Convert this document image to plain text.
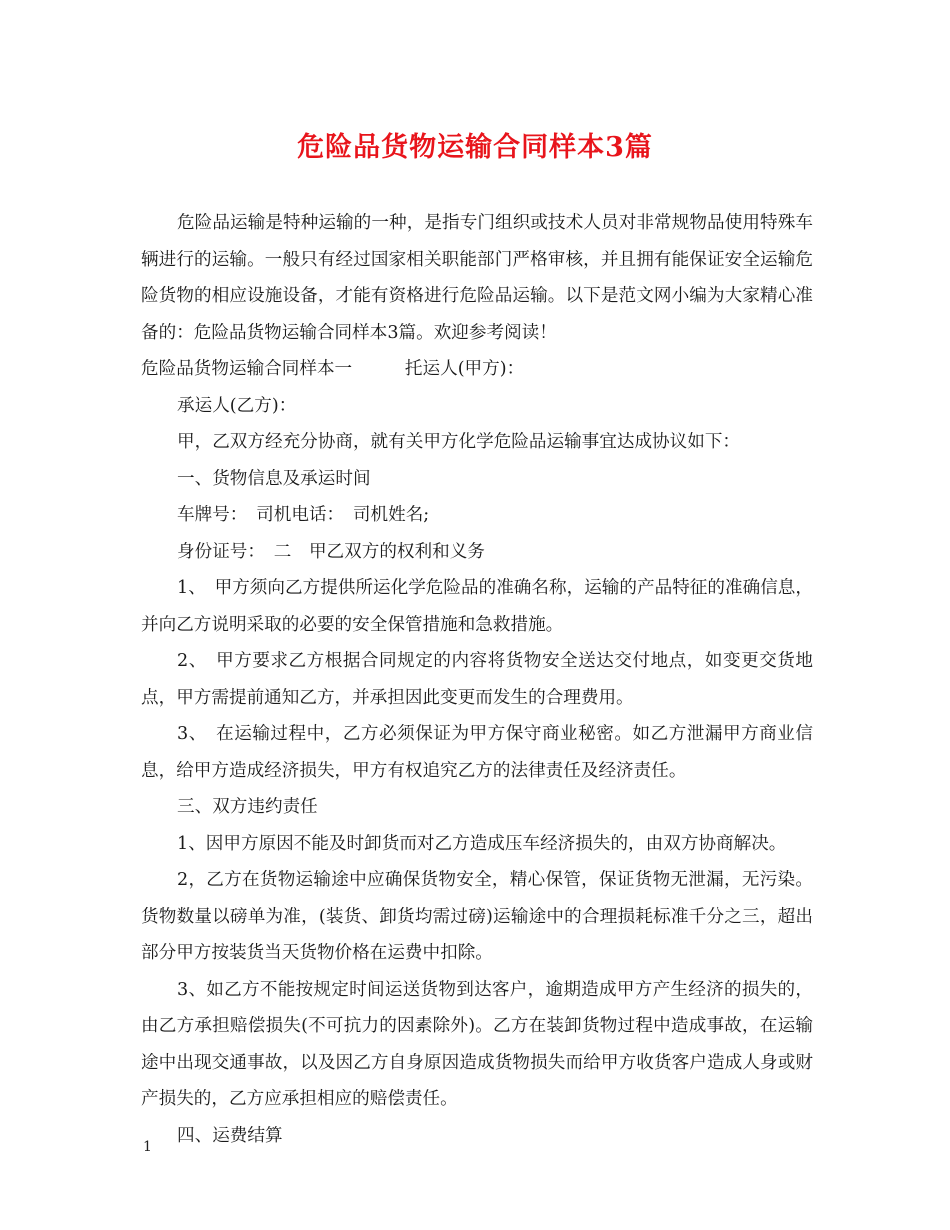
危险品货物运输合同样本3篇

危险品运输是特种运输的一种，是指专门组织或技术人员对非常规物品使用特殊车辆进行的运输。一般只有经过国家相关职能部门严格审核，并且拥有能保证安全运输危险货物的相应设施设备，才能有资格进行危险品运输。以下是范文网小编为大家精心准备的：危险品货物运输合同样本3篇。欢迎参考阅读！

危险品货物运输合同样本一　　　托运人(甲方)：

承运人(乙方)：

甲，乙双方经充分协商，就有关甲方化学危险品运输事宜达成协议如下：

一、货物信息及承运时间

车牌号：　司机电话：　司机姓名;

身份证号：　二　甲乙双方的权利和义务

1、　甲方须向乙方提供所运化学危险品的准确名称，运输的产品特征的准确信息，并向乙方说明采取的必要的安全保管措施和急救措施。

2、　甲方要求乙方根据合同规定的内容将货物安全送达交付地点，如变更交货地点，甲方需提前通知乙方，并承担因此变更而发生的合理费用。

3、　在运输过程中，乙方必须保证为甲方保守商业秘密。如乙方泄漏甲方商业信息，给甲方造成经济损失，甲方有权追究乙方的法律责任及经济责任。

三、双方违约责任

1、因甲方原因不能及时卸货而对乙方造成压车经济损失的，由双方协商解决。

2，乙方在货物运输途中应确保货物安全，精心保管，保证货物无泄漏，无污染。货物数量以磅单为准，(装货、卸货均需过磅)运输途中的合理损耗标准千分之三，超出部分甲方按装货当天货物价格在运费中扣除。

3、如乙方不能按规定时间运送货物到达客户，逾期造成甲方产生经济的损失的，由乙方承担赔偿损失(不可抗力的因素除外)。乙方在装卸货物过程中造成事故，在运输途中出现交通事故，以及因乙方自身原因造成货物损失而给甲方收货客户造成人身或财产损失的，乙方应承担相应的赔偿责任。

四、运费结算

1
